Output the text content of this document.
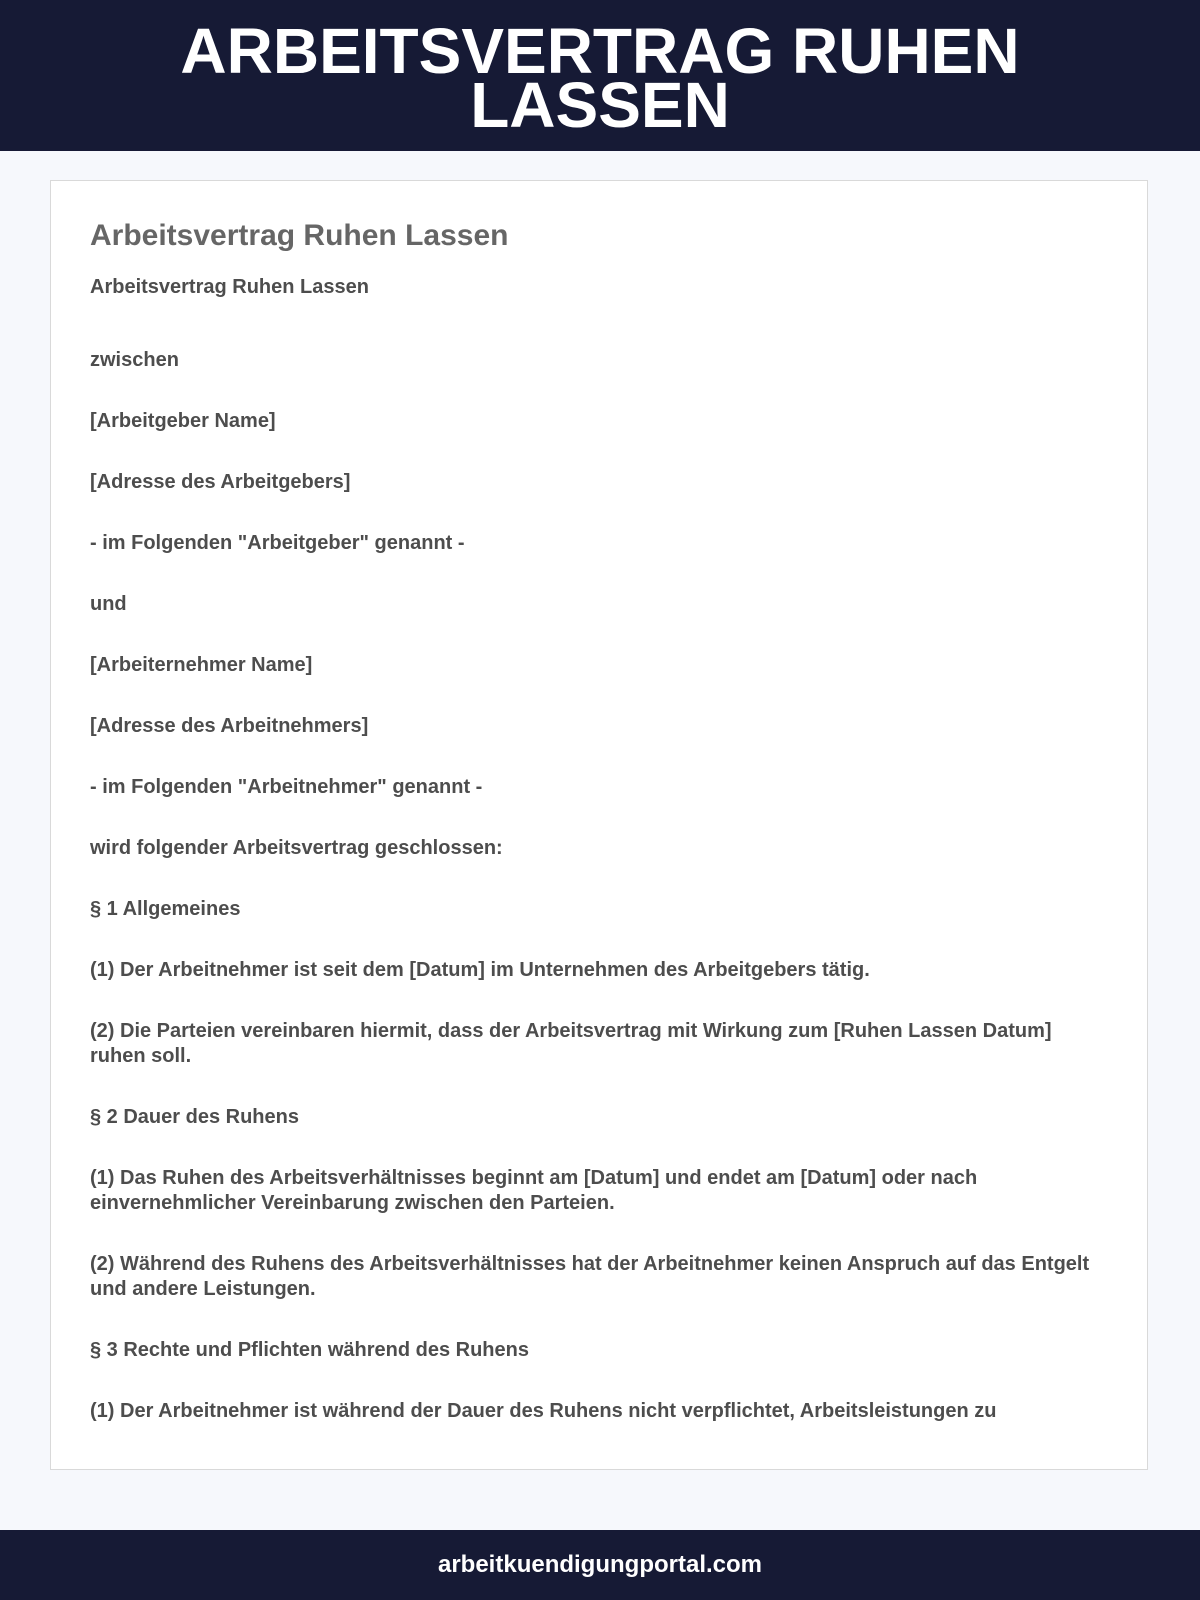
ARBEITSVERTRAG RUHEN LASSEN
Arbeitsvertrag Ruhen Lassen
Arbeitsvertrag Ruhen Lassen

zwischen

[Arbeitgeber Name]

[Adresse des Arbeitgebers]

- im Folgenden "Arbeitgeber" genannt -

und

[Arbeiternehmer Name]

[Adresse des Arbeitnehmers]

- im Folgenden "Arbeitnehmer" genannt -

wird folgender Arbeitsvertrag geschlossen:

§ 1 Allgemeines

(1) Der Arbeitnehmer ist seit dem [Datum] im Unternehmen des Arbeitgebers tätig.

(2) Die Parteien vereinbaren hiermit, dass der Arbeitsvertrag mit Wirkung zum [Ruhen Lassen Datum] ruhen soll.

§ 2 Dauer des Ruhens

(1) Das Ruhen des Arbeitsverhältnisses beginnt am [Datum] und endet am [Datum] oder nach einvernehmlicher Vereinbarung zwischen den Parteien.

(2) Während des Ruhens des Arbeitsverhältnisses hat der Arbeitnehmer keinen Anspruch auf das Entgelt und andere Leistungen.

§ 3 Rechte und Pflichten während des Ruhens

(1) Der Arbeitnehmer ist während der Dauer des Ruhens nicht verpflichtet, Arbeitsleistungen zu

arbeitkuendigungportal.com
